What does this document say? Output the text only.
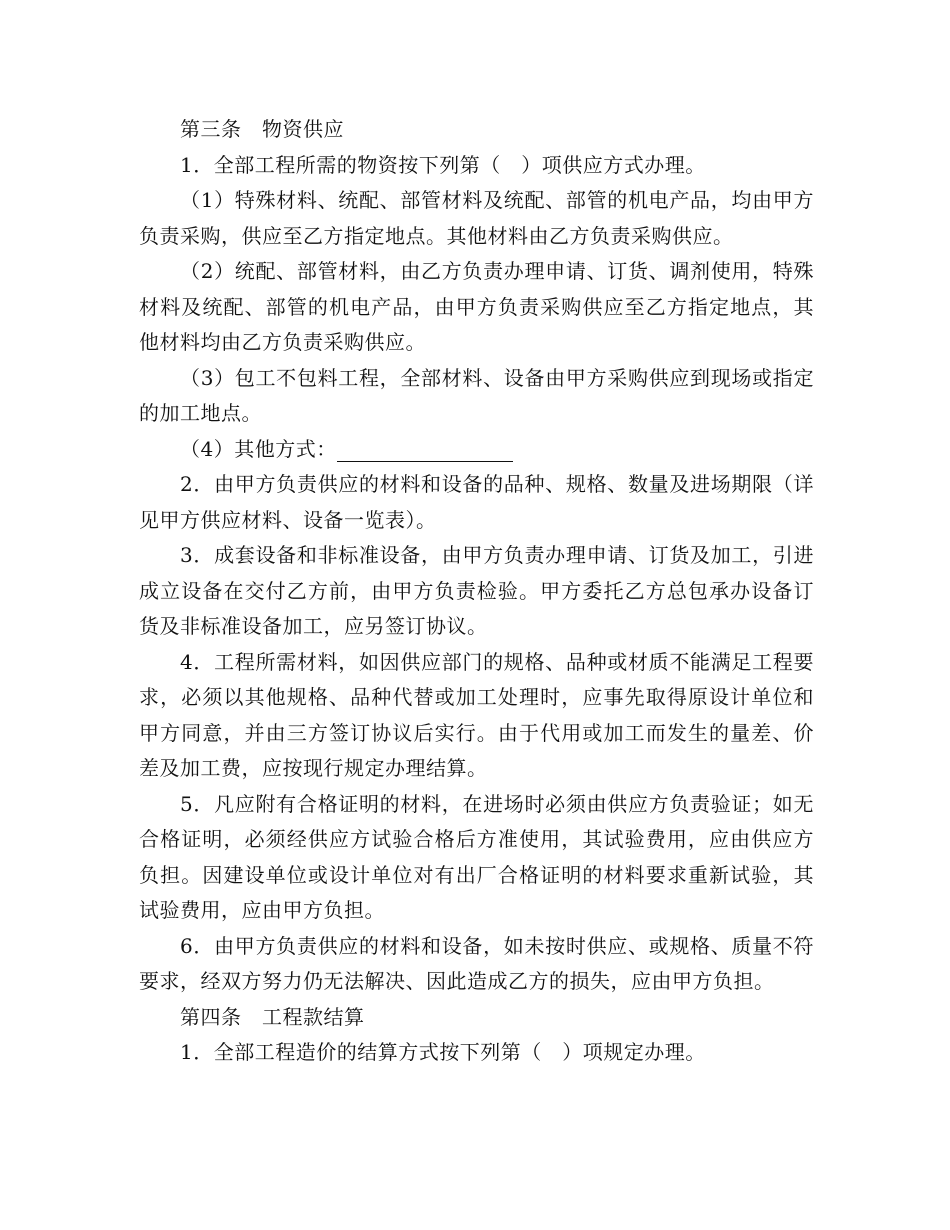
第三条　物资供应

1．全部工程所需的物资按下列第（　）项供应方式办理。

（1）特殊材料、统配、部管材料及统配、部管的机电产品，均由甲方负责采购，供应至乙方指定地点。其他材料由乙方负责采购供应。

（2）统配、部管材料，由乙方负责办理申请、订货、调剂使用，特殊材料及统配、部管的机电产品，由甲方负责采购供应至乙方指定地点，其他材料均由乙方负责采购供应。

（3）包工不包料工程，全部材料、设备由甲方采购供应到现场或指定的加工地点。

（4）其他方式：

2．由甲方负责供应的材料和设备的品种、规格、数量及进场期限（详见甲方供应材料、设备一览表）。

3．成套设备和非标准设备，由甲方负责办理申请、订货及加工，引进成立设备在交付乙方前，由甲方负责检验。甲方委托乙方总包承办设备订货及非标准设备加工，应另签订协议。

4．工程所需材料，如因供应部门的规格、品种或材质不能满足工程要求，必须以其他规格、品种代替或加工处理时，应事先取得原设计单位和甲方同意，并由三方签订协议后实行。由于代用或加工而发生的量差、价差及加工费，应按现行规定办理结算。

5．凡应附有合格证明的材料，在进场时必须由供应方负责验证；如无合格证明，必须经供应方试验合格后方准使用，其试验费用，应由供应方负担。因建设单位或设计单位对有出厂合格证明的材料要求重新试验，其试验费用，应由甲方负担。

6．由甲方负责供应的材料和设备，如未按时供应、或规格、质量不符要求，经双方努力仍无法解决、因此造成乙方的损失，应由甲方负担。

第四条　工程款结算

1．全部工程造价的结算方式按下列第（　）项规定办理。
